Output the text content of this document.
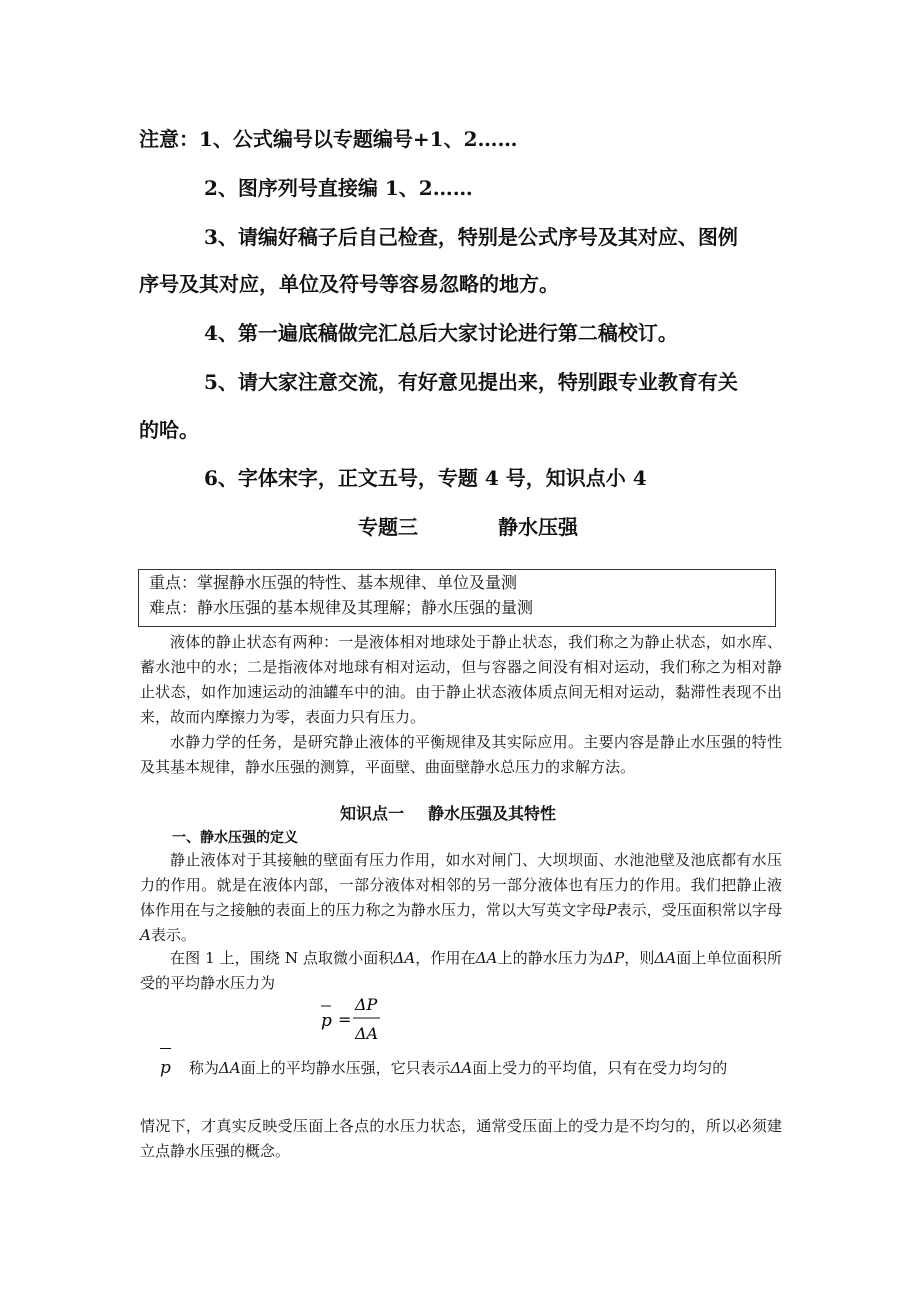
注意：1、公式编号以专题编号+1、2……
2、图序列号直接编 1、2……
3、请编好稿子后自己检查，特别是公式序号及其对应、图例
序号及其对应，单位及符号等容易忽略的地方。
4、第一遍底稿做完汇总后大家讨论进行第二稿校订。
5、请大家注意交流，有好意见提出来，特别跟专业教育有关
的哈。
6、字体宋字，正文五号，专题 4 号，知识点小 4
专题三	静水压强
重点：掌握静水压强的特性、基本规律、单位及量测
难点：静水压强的基本规律及其理解；静水压强的量测
液体的静止状态有两种：一是液体相对地球处于静止状态，我们称之为静止状态，如水库、蓄水池中的水；二是指液体对地球有相对运动，但与容器之间没有相对运动，我们称之为相对静止状态，如作加速运动的油罐车中的油。由于静止状态液体质点间无相对运动，黏滞性表现不出来，故而内摩擦力为零，表面力只有压力。
水静力学的任务，是研究静止液体的平衡规律及其实际应用。主要内容是静止水压强的特性及其基本规律，静水压强的测算，平面壁、曲面壁静水总压力的求解方法。
知识点一 静水压强及其特性
一、静水压强的定义
静止液体对于其接触的壁面有压力作用，如水对闸门、大坝坝面、水池池壁及池底都有水压力的作用。就是在液体内部，一部分液体对相邻的另一部分液体也有压力的作用。我们把静止液体作用在与之接触的表面上的压力称之为静水压力，常以大写英文字母P表示，受压面积常以字母A表示。
在图 1 上，围绕 N 点取微小面积ΔA，作用在ΔA上的静水压力为ΔP，则ΔA面上单位面积所受的平均静水压力为
p =
ΔP
ΔA
p 称为ΔA面上的平均静水压强，它只表示ΔA面上受力的平均值，只有在受力均匀的
情况下，才真实反映受压面上各点的水压力状态，通常受压面上的受力是不均匀的，所以必须建立点静水压强的概念。
